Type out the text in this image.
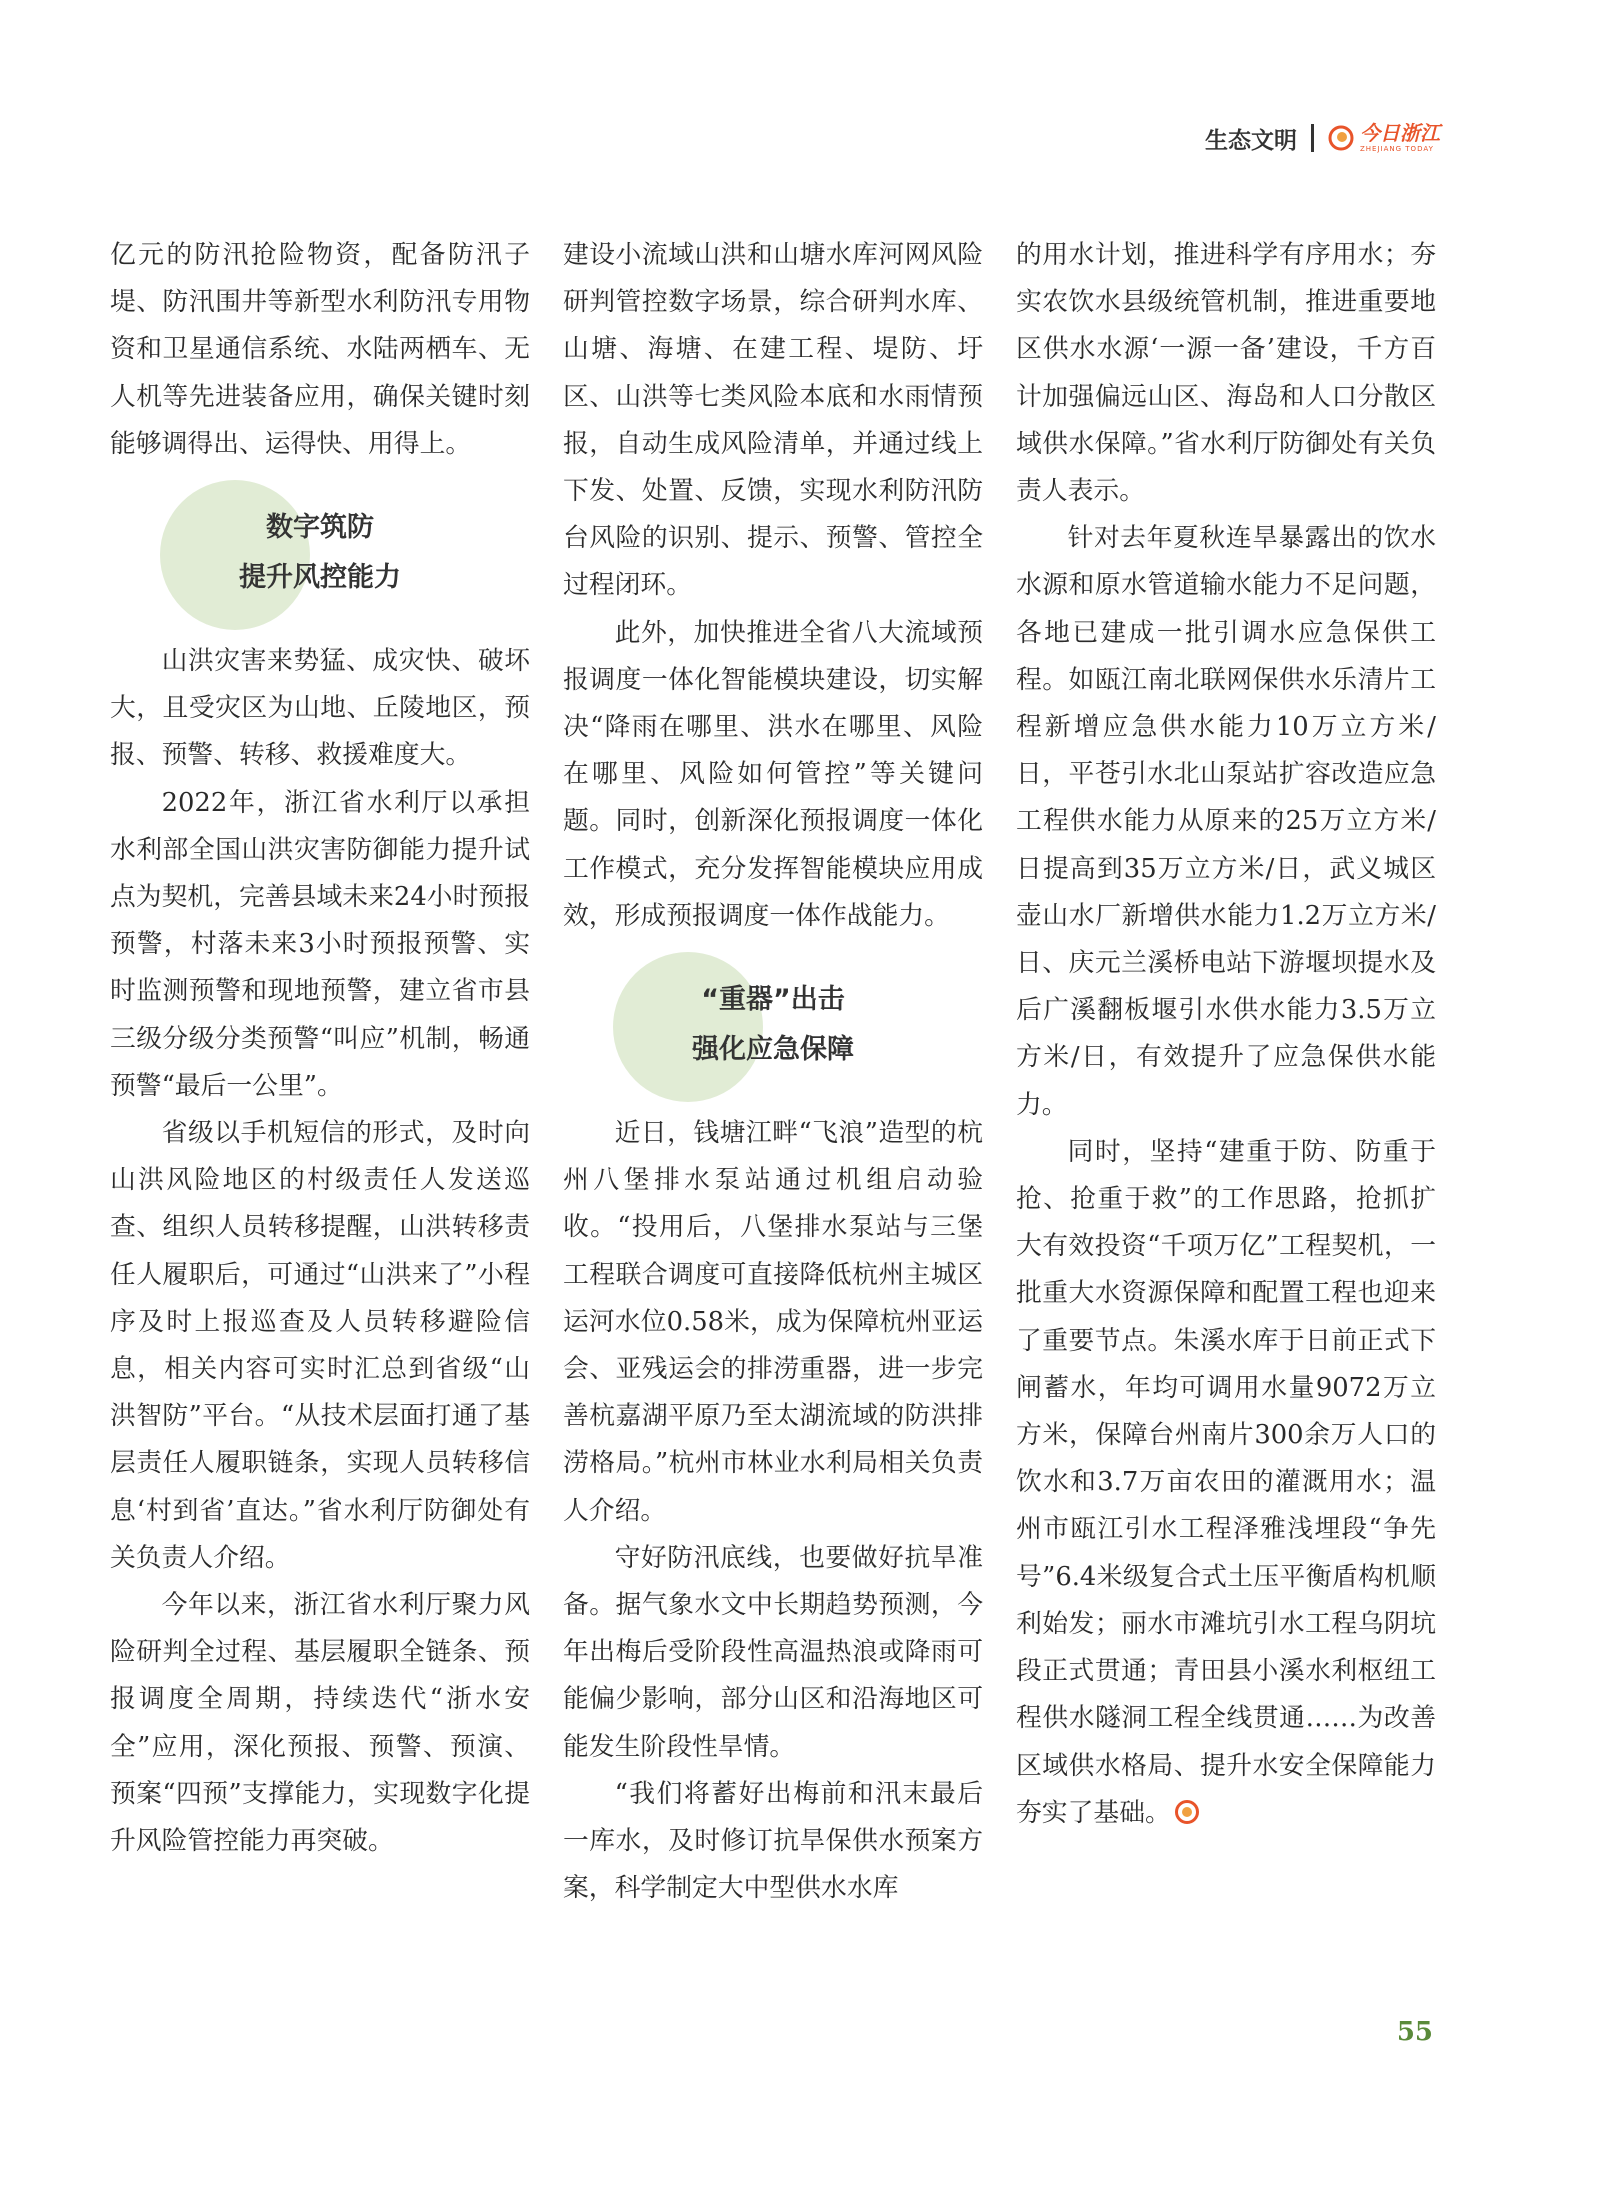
生态文明	今日浙江
ZHEJIANG TODAY

亿元的防汛抢险物资，配备防汛子堤、防汛围井等新型水利防汛专用物资和卫星通信系统、水陆两栖车、无人机等先进装备应用，确保关键时刻能够调得出、运得快、用得上。

数字筑防
提升风控能力

山洪灾害来势猛、成灾快、破坏大，且受灾区为山地、丘陵地区，预报、预警、转移、救援难度大。

2022年，浙江省水利厅以承担水利部全国山洪灾害防御能力提升试点为契机，完善县域未来24小时预报预警，村落未来3小时预报预警、实时监测预警和现地预警，建立省市县三级分级分类预警“叫应”机制，畅通预警“最后一公里”。

省级以手机短信的形式，及时向山洪风险地区的村级责任人发送巡查、组织人员转移提醒，山洪转移责任人履职后，可通过“山洪来了”小程序及时上报巡查及人员转移避险信息，相关内容可实时汇总到省级“山洪智防”平台。“从技术层面打通了基层责任人履职链条，实现人员转移信息‘村到省’直达。”省水利厅防御处有关负责人介绍。

今年以来，浙江省水利厅聚力风险研判全过程、基层履职全链条、预报调度全周期，持续迭代“浙水安全”应用，深化预报、预警、预演、预案“四预”支撑能力，实现数字化提升风险管控能力再突破。

建设小流域山洪和山塘水库河网风险研判管控数字场景，综合研判水库、山塘、海塘、在建工程、堤防、圩区、山洪等七类风险本底和水雨情预报，自动生成风险清单，并通过线上下发、处置、反馈，实现水利防汛防台风险的识别、提示、预警、管控全过程闭环。

此外，加快推进全省八大流域预报调度一体化智能模块建设，切实解决“降雨在哪里、洪水在哪里、风险在哪里、风险如何管控”等关键问题。同时，创新深化预报调度一体化工作模式，充分发挥智能模块应用成效，形成预报调度一体作战能力。

“重器”出击
强化应急保障

近日，钱塘江畔“飞浪”造型的杭州八堡排水泵站通过机组启动验收。“投用后，八堡排水泵站与三堡工程联合调度可直接降低杭州主城区运河水位0.58米，成为保障杭州亚运会、亚残运会的排涝重器，进一步完善杭嘉湖平原乃至太湖流域的防洪排涝格局。”杭州市林业水利局相关负责人介绍。

守好防汛底线，也要做好抗旱准备。据气象水文中长期趋势预测，今年出梅后受阶段性高温热浪或降雨可能偏少影响，部分山区和沿海地区可能发生阶段性旱情。

“我们将蓄好出梅前和汛末最后一库水，及时修订抗旱保供水预案方案，科学制定大中型供水水库

的用水计划，推进科学有序用水；夯实农饮水县级统管机制，推进重要地区供水水源‘一源一备’建设，千方百计加强偏远山区、海岛和人口分散区域供水保障。”省水利厅防御处有关负责人表示。

针对去年夏秋连旱暴露出的饮水水源和原水管道输水能力不足问题，各地已建成一批引调水应急保供工程。如瓯江南北联网保供水乐清片工程新增应急供水能力10万立方米/日，平苍引水北山泵站扩容改造应急工程供水能力从原来的25万立方米/日提高到35万立方米/日，武义城区壶山水厂新增供水能力1.2万立方米/日、庆元兰溪桥电站下游堰坝提水及后广溪翻板堰引水供水能力3.5万立方米/日，有效提升了应急保供水能力。

同时，坚持“建重于防、防重于抢、抢重于救”的工作思路，抢抓扩大有效投资“千项万亿”工程契机，一批重大水资源保障和配置工程也迎来了重要节点。朱溪水库于日前正式下闸蓄水，年均可调用水量9072万立方米，保障台州南片300余万人口的饮水和3.7万亩农田的灌溉用水；温州市瓯江引水工程泽雅浅埋段“争先号”6.4米级复合式土压平衡盾构机顺利始发；丽水市滩坑引水工程乌阴坑段正式贯通；青田县小溪水利枢纽工程供水隧洞工程全线贯通……为改善区域供水格局、提升水安全保障能力夯实了基础。

55
